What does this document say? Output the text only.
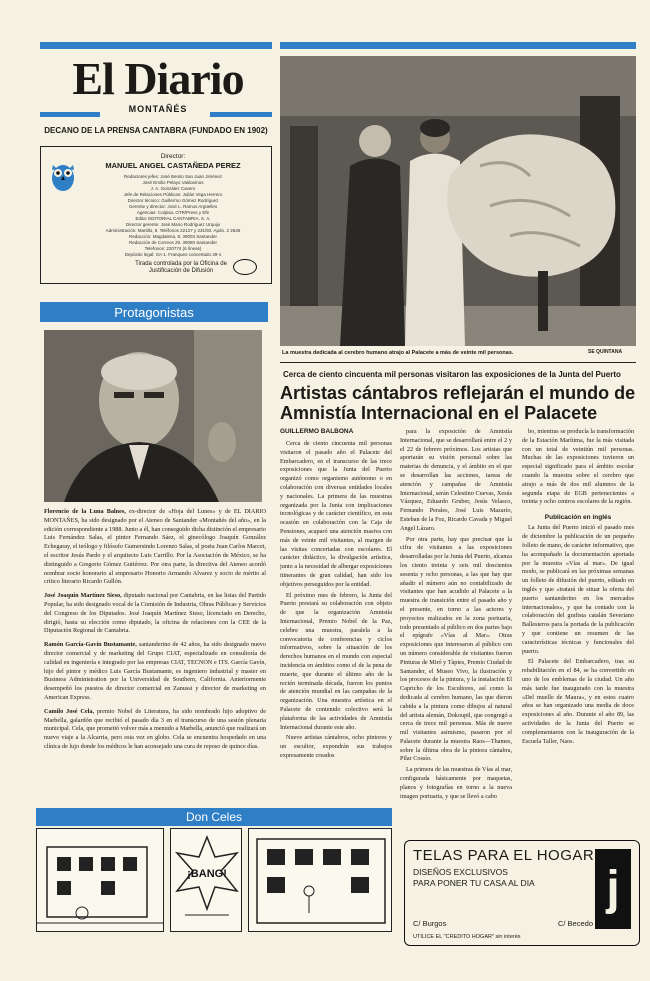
El Diario
MONTAÑÉS
DECANO DE LA PRENSA CANTABRA (FUNDADO EN 1902)
Director:
MANUEL ANGEL CASTAÑEDA PEREZ
Redactores jefes: José Benito San Juan Jiménez
José Emilio Pelayo Valdovinos
J. A. González Cavero
Jefe de Relaciones Públicas: Julián Vega Herrero
Director técnico: Guillermo Gómez Rodríguez
Gerente y director: José L. Ramos Argüelles
Agencias: Colpisa, OTR/Press y Efe
Edita: EDITORIAL CANTABRIA, S. A.
Director gerente: José Mario Rodríguez Urquijo
Administración: Martillo, 8. Teléfonos 22127 y 231/92. Apdo. 2 2636
Redacción: Magdalena, 8. 39003 Santander
Redacción de Correos 29. 39080 Santander
Telefonos: 220774 (6 líneas)
Depósito legal: SA-1. Franqueo concertado 39-1
Tirada controlada por la Oficina de Justificación de Difusión
Protagonistas

Florencio de la Luna Balnes, ex-director de «Hoja del Lunes» y de EL DIARIO MONTAÑES, ha sido designado por el Ateneo de Santander «Montañés del año», en la edición correspondiente a 1988. Junto a él, han conseguido dicha distinción el empresario Luis Fernández Salas, el pintor Fernando Sáez, el ginecólogo Joaquín González Echegaray, el teólogo y filósofo Gumersindo Lorenzo Salas, el poeta Juan Carlos Marcet, el escritor Jesús Pardo y el arquitecto Luis Carrillo. Por la Asociación de México, se ha distinguido a Gregorio Gómez Gutiérrez. Por otra parte, la directiva del Ateneo acordó nombrar socio honorario al empresario Honorio Armando Alvarez y socio de mérito al crítico literario Ricardo Gullón.

José Joaquín Martínez Sieso, diputado nacional por Cantabria, en las listas del Partido Popular, ha sido designado vocal de la Comisión de Industria, Obras Públicas y Servicios del Congreso de los Diputados. José Joaquín Martínez Sieso, licenciado en Derecho, dirigió, hasta su elección como diputado, la oficina de relaciones con la CEE de la Diputación Regional de Cantabria.

Ramón García-Gavín Bustamante, santanderino de 42 años, ha sido designado nuevo director comercial y de marketing del Grupo CIAT, especializado en consultoría de calidad en ingeniería e integrado por las empresas CIAT, TECNON e ITS. García Gavín, hijo del pintor y médico Luis García Bustamante, es ingeniero industrial y master en Business Administration por la Universidad de Southern, California. Anteriormente desempeñó los puestos de director comercial en Zanussi y director de marketing en American Express.

Camilo José Cela, premio Nobel de Literatura, ha sido nombrado hijo adoptivo de Marbella, galardón que recibió el pasado día 3 en el transcurso de una sesión plenaria municipal. Cela, que prometió volver más a menudo a Marbella, anunció que realizará un nuevo viaje a la Alcarria, pero esta vez en globo. Cela se encuentra hospedado en una clínica de lujo donde los médicos le han aconsejado una cura de reposo de quince días.

La muestra dedicada al cerebro humano atrajo al Palacete a más de veinte mil personas.	SE QUINTANA
Cerca de ciento cincuenta mil personas visitaron las exposiciones de la Junta del Puerto
Artistas cántabros reflejarán el mundo de Amnistía Internacional en el Palacete
GUILLERMO BALBONA

Cerca de ciento cincuenta mil personas visitaron el pasado año el Palacete del Embarcadero, en el transcurso de las trece exposiciones que la Junta del Puerto organizó como organismo autónomo o en colaboración con diversas entidades locales y nacionales. La primera de las muestras organizada por la Junta con implicaciones tecnológicas y de carácter científico, en esta ocasión en colaboración con la Caja de Pensiones, acaparó una atención masiva con más de veinte mil visitantes, al margen de las visitas concertadas con escolares. El carácter didáctico, la divulgación artística, junto a la necesidad de albergar exposiciones itinerantes de gran calidad, han sido los objetivos perseguidos por la entidad.

El próximo mes de febrero, la Junta del Puerto prestará su colaboración con objeto de que la organización Amnistía Internacional, Premio Nobel de la Paz, celebre una muestra, paralela a la convocatoria de conferencias y ciclos informativos, sobre la situación de los derechos humanos en el mundo con especial incidencia en ámbitos como el de la pena de muerte, que durante el último año de la recién terminada década, fueron los puntos de atención mundial en las campañas de la organización. Una muestra artística en el Palacete de contenido colectivo será la plataforma de las actividades de Amnistía Internacional durante este año.

Nueve artistas cántabros, ocho pintores y un escultor, expondrán sus trabajos expresamente creados

para la exposición de Amnistía Internacional, que se desarrollará entre el 2 y el 22 de febrero próximos. Los artistas que aportarán su visión personal sobre las materias de denuncia, y el ámbito en el que se desarrollan las acciones, tareas de atención y campañas de Amnistía Internacional, serán Celestino Cuevas, Xesús Vázquez, Eduardo Gruber, Jesús Velasco, Fernando Perales, José Luis Mazarío, Esteban de la Foz, Ricardo Cavada y Miguel Angel Lázaro.

Por otra parte, hay que precisar que la cifra de visitantes a las exposiciones desarrolladas por la Junta del Puerto, alcanza los ciento treinta y seis mil doscientos sesenta y ocho personas, a las que hay que añadir el número aún no contabilizado de visitantes que han acudido al Palacete a la muestra de transición entre el pasado año y el presente, en torno a las actores y proyectos realizados en la zona portuaria, todo presentado al público en dos partes bajo el epígrafe «Vías al Mar». Otras exposiciones que interesaron al público con un número considerable de visitantes fueron Pinturas de Miró y Tàpies, Premio Ciudad de Santander, el Museo Vivo, la ilustración y los procesos de la pintura, y la instalación El Capricho de los Escultores, así como la dedicada al cerebro humano, las que dieron cabida a la pintura como dibujos al natural del artista alemán, Dokoupil, que congregó a cerca de trece mil personas. Más de nueve mil visitantes asimismo, pasaron por el Palacete durante la muestra Raos—Thames, sobre la última obra de la pintora cántabra, Pilar Cossío.

La primera de las muestras de Vías al mar, configurada básicamente por maquetas, planos y fotografías en torno a la nueva imagen portuaria, y que se llevó a cabo

bo, mientras se producía la transformación de la Estación Marítima, fue la más visitada con un total de veintiún mil personas. Muchas de las exposiciones tuvieron un especial significado para el ámbito escolar cuando la muestra sobre el cerebro que atrajo a más de dos mil alumnos de la segunda etapa de EGB pertenecientes a treinta y ocho centros escolares de la región.

Publicación en inglés

La Junta del Puerto inició el pasado mes de diciembre la publicación de un pequeño folleto de mano, de carácter informativo, que ha acompañado la documentación aportada por la muestra «Vías al mar». De igual modo, se publicará en las próximas semanas un folleto de difusión del puerto, editado en inglés y que «tratará de situar la oferta del puerto santanderino en los mercados internacionales», y que ha contado con la colaboración del grafista catalán Severiano Ballesteros para la portada de la publicación y que contiene un resumen de las características técnicas y funcionales del puerto.

El Palacete del Embarcadero, tras su rehabilitación en el 84, se ha convertido en uno de los emblemas de la ciudad. Un año más tarde fue inaugurado con la muestra «Del muelle de Maura», y en estos cuatro años se han organizado una media de doce exposiciones al año. Durante el año 89, las actividades de la Junta del Puerto se complementaron con la inauguración de la Escuela Taller, Naos.

Don Celes
¡BANG!
TELAS PARA EL HOGAR
DISEÑOS EXCLUSIVOS
PARA PONER TU CASA AL DIA	j
C/ Burgos	C/ Becedo
UTILICE EL "CREDITO HOGAR" sin interés
